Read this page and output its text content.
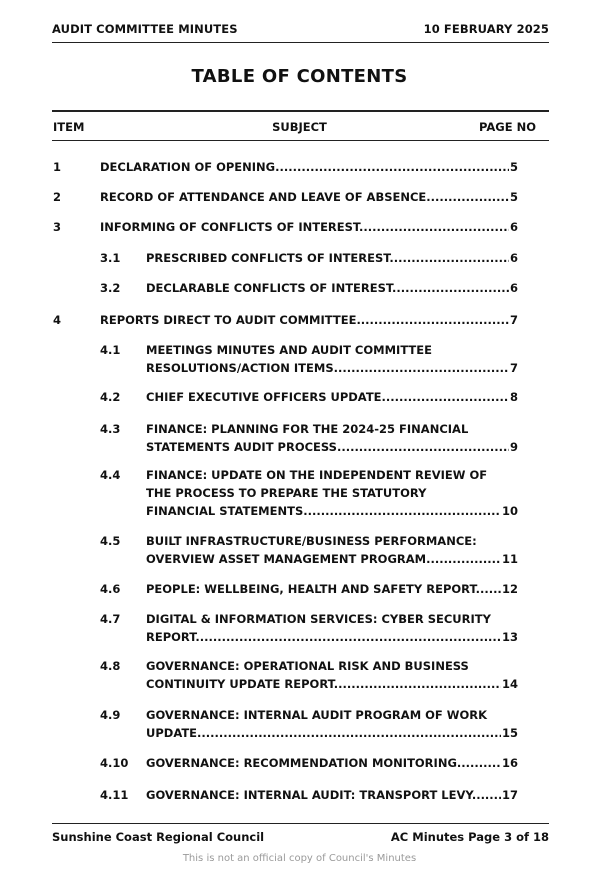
AUDIT COMMITTEE MINUTES	10 FEBRUARY 2025
TABLE OF CONTENTS
ITEM	SUBJECT	PAGE NO
1	DECLARATION OF OPENING .....	5
2	RECORD OF ATTENDANCE AND LEAVE OF ABSENCE .....	5
3	INFORMING OF CONFLICTS OF INTEREST .....	6
3.1 PRESCRIBED CONFLICTS OF INTEREST .....	6
3.2 DECLARABLE CONFLICTS OF INTEREST .....	6
4	REPORTS DIRECT TO AUDIT COMMITTEE .....	7
4.1 MEETINGS MINUTES AND AUDIT COMMITTEE
RESOLUTIONS/ACTION ITEMS .....	7
4.2 CHIEF EXECUTIVE OFFICERS UPDATE .....	8
4.3 FINANCE: PLANNING FOR THE 2024-25 FINANCIAL
STATEMENTS AUDIT PROCESS .....	9
4.4 FINANCE: UPDATE ON THE INDEPENDENT REVIEW OF
THE PROCESS TO PREPARE THE STATUTORY
FINANCIAL STATEMENTS .....	10
4.5 BUILT INFRASTRUCTURE/BUSINESS PERFORMANCE:
OVERVIEW ASSET MANAGEMENT PROGRAM .....	11
4.6 PEOPLE: WELLBEING, HEALTH AND SAFETY REPORT .....	12
4.7 DIGITAL & INFORMATION SERVICES: CYBER SECURITY
REPORT .....	13
4.8 GOVERNANCE: OPERATIONAL RISK AND BUSINESS
CONTINUITY UPDATE REPORT .....	14
4.9 GOVERNANCE: INTERNAL AUDIT PROGRAM OF WORK
UPDATE .....	15
4.10 GOVERNANCE: RECOMMENDATION MONITORING .....	16
4.11 GOVERNANCE: INTERNAL AUDIT: TRANSPORT LEVY .....	17
Sunshine Coast Regional Council	AC Minutes Page 3 of 18
This is not an official copy of Council's Minutes
